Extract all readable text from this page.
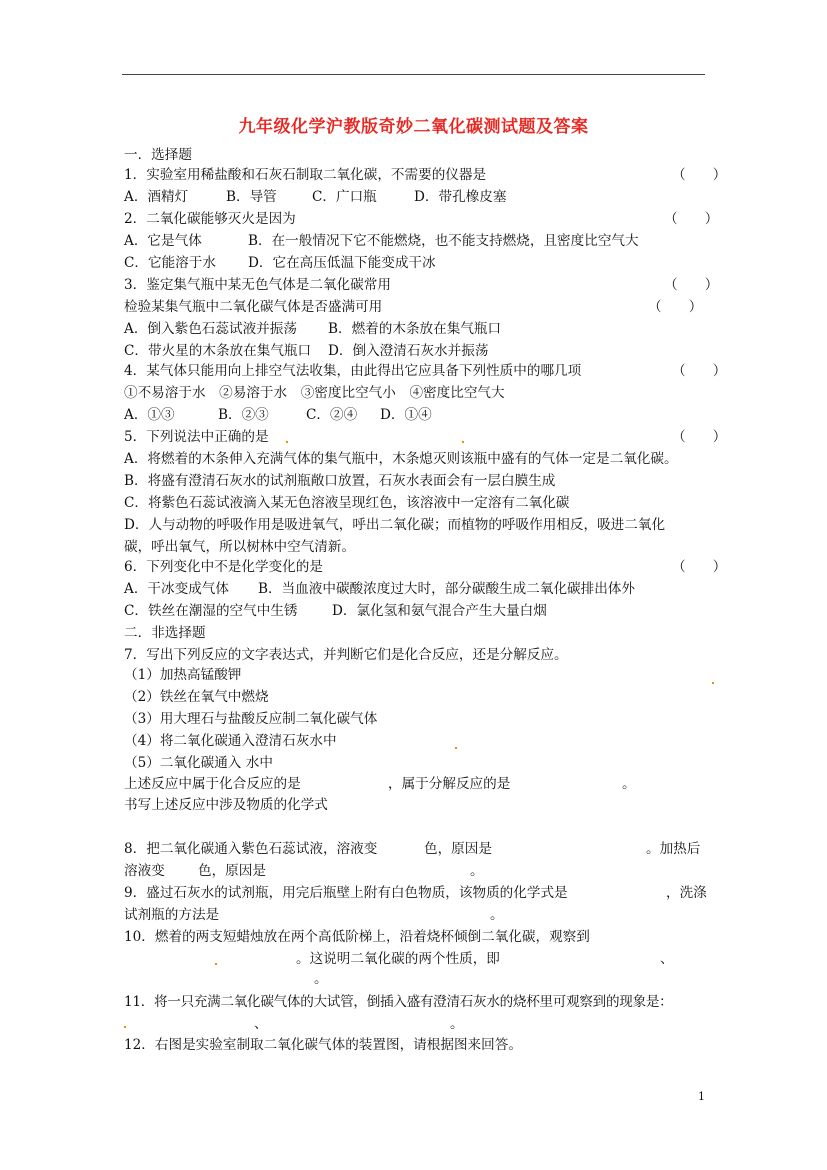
九年级化学沪教版奇妙二氧化碳测试题及答案
一．选择题
1．实验室用稀盐酸和石灰石制取二氧化碳，不需要的仪器是	（　　）
A．酒精灯	B．导管	C．广口瓶	D．带孔橡皮塞
2．二氧化碳能够灭火是因为	（　　）
A．它是气体	B．在一般情况下它不能燃烧，也不能支持燃烧，且密度比空气大
C．它能溶于水 D．它在高压低温下能变成干冰
3．鉴定集气瓶中某无色气体是二氧化碳常用	（　　）
检验某集气瓶中二氧化碳气体是否盛满可用	（　　）
A．倒入紫色石蕊试液并振荡 B．燃着的木条放在集气瓶口
C．带火星的木条放在集气瓶口 D．倒入澄清石灰水并振荡
4．某气体只能用向上排空气法收集，由此得出它应具备下列性质中的哪几项	（　　）
①不易溶于水　②易溶于水　③密度比空气小　④密度比空气大
A．①③	B．②③	C．②④ D．①④
5．下列说法中正确的是	（　　）
A．将燃着的木条伸入充满气体的集气瓶中，木条熄灭则该瓶中盛有的气体一定是二氧化碳。
B．将盛有澄清石灰水的试剂瓶敞口放置，石灰水表面会有一层白膜生成
C．将紫色石蕊试液滴入某无色溶液呈现红色，该溶液中一定溶有二氧化碳
D．人与动物的呼吸作用是吸进氧气，呼出二氧化碳；而植物的呼吸作用相反，吸进二氧化
碳，呼出氧气，所以树林中空气清新。
6．下列变化中不是化学变化的是	（　　）
A．干冰变成气体 B．当血液中碳酸浓度过大时，部分碳酸生成二氧化碳排出体外
C．铁丝在潮湿的空气中生锈	D．氯化氢和氨气混合产生大量白烟
二．非选择题
7．写出下列反应的文字表达式，并判断它们是化合反应，还是分解反应。
（1）加热高锰酸钾
（2）铁丝在氧气中燃烧
（3）用大理石与盐酸反应制二氧化碳气体
（4）将二氧化碳通入澄清石灰水中
（5）二氧化碳通入 水中
上述反应中属于化合反应的是	，属于分解反应的是	。
书写上述反应中涉及物质的化学式
8．把二氧化碳通入紫色石蕊试液，溶液变	色，原因是	。加热后
溶液变 色，原因是	。
9．盛过石灰水的试剂瓶，用完后瓶壁上附有白色物质，该物质的化学式是	，洗涤
试剂瓶的方法是	。
10．燃着的两支短蜡烛放在两个高低阶梯上，沿着烧杯倾倒二氧化碳，观察到
。这说明二氧化碳的两个性质，即	、
。
11．将一只充满二氧化碳气体的大试管，倒插入盛有澄清石灰水的烧杯里可观察到的现象是：
、	。
12．右图是实验室制取二氧化碳气体的装置图，请根据图来回答。
1
